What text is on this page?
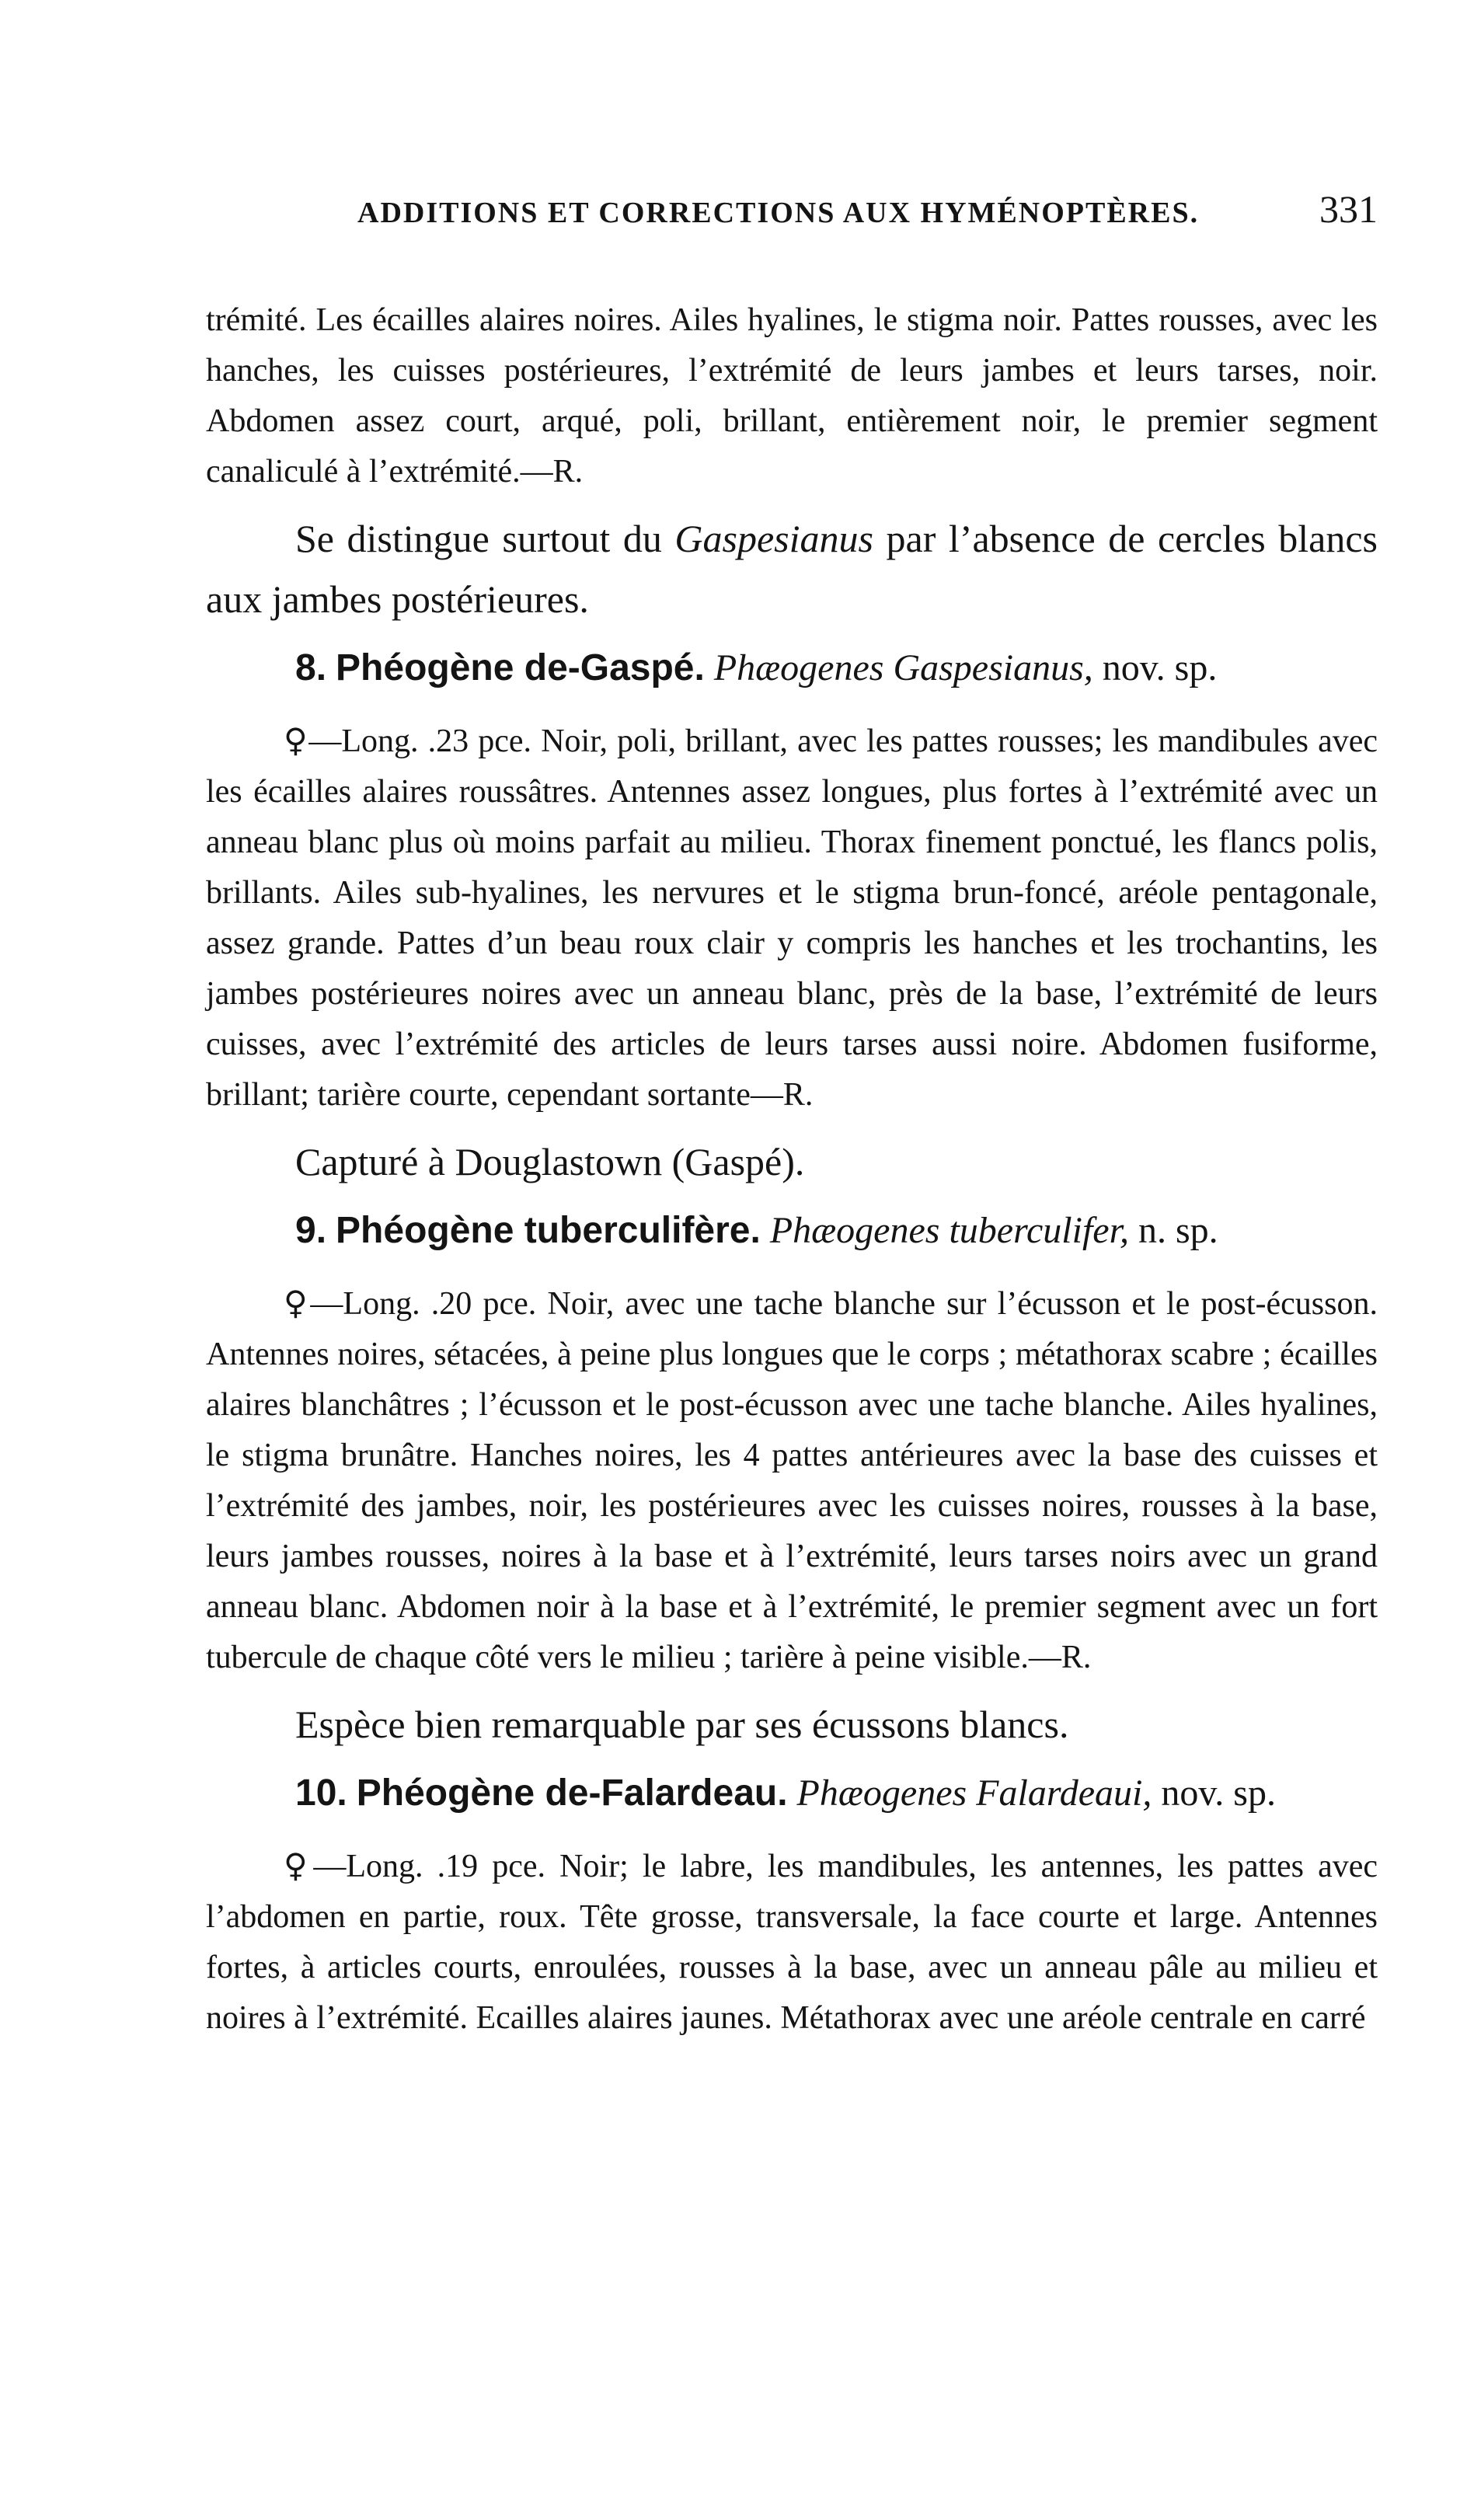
ADDITIONS ET CORRECTIONS AUX HYMÉNOPTÈRES.	331

trémité. Les écailles alaires noires. Ailes hyalines, le stigma noir. Pattes rousses, avec les hanches, les cuisses postérieures, l’extrémité de leurs jambes et leurs tarses, noir. Abdomen assez court, arqué, poli, brillant, entièrement noir, le premier segment canaliculé à l’extrémité.—R.

Se distingue surtout du Gaspesianus par l’absence de cercles blancs aux jambes postérieures.

8. Phéogène de-Gaspé. Phæogenes Gaspesianus, nov. sp.

♀—Long. .23 pce. Noir, poli, brillant, avec les pattes rousses; les mandibules avec les écailles alaires roussâtres. Antennes assez longues, plus fortes à l’extrémité avec un anneau blanc plus où moins parfait au milieu. Thorax finement ponctué, les flancs polis, brillants. Ailes sub-hyalines, les nervures et le stigma brun-foncé, aréole pentagonale, assez grande. Pattes d’un beau roux clair y compris les hanches et les trochantins, les jambes postérieures noires avec un anneau blanc, près de la base, l’extrémité de leurs cuisses, avec l’extrémité des articles de leurs tarses aussi noire. Abdomen fusiforme, brillant; tarière courte, cependant sortante—R.

Capturé à Douglastown (Gaspé).

9. Phéogène tuberculifère. Phæogenes tuberculifer, n. sp.

♀—Long. .20 pce. Noir, avec une tache blanche sur l’écusson et le post-écusson. Antennes noires, sétacées, à peine plus longues que le corps ; métathorax scabre ; écailles alaires blanchâtres ; l’écusson et le post-écusson avec une tache blanche. Ailes hyalines, le stigma brunâtre. Hanches noires, les 4 pattes antérieures avec la base des cuisses et l’extrémité des jambes, noir, les postérieures avec les cuisses noires, rousses à la base, leurs jambes rousses, noires à la base et à l’extrémité, leurs tarses noirs avec un grand anneau blanc. Abdomen noir à la base et à l’extrémité, le premier segment avec un fort tubercule de chaque côté vers le milieu ; tarière à peine visible.—R.

Espèce bien remarquable par ses écussons blancs.

10. Phéogène de-Falardeau. Phæogenes Falardeaui, nov. sp.

♀—Long. .19 pce. Noir; le labre, les mandibules, les antennes, les pattes avec l’abdomen en partie, roux. Tête grosse, transversale, la face courte et large. Antennes fortes, à articles courts, enroulées, rousses à la base, avec un anneau pâle au milieu et noires à l’extrémité. Ecailles alaires jaunes. Métathorax avec une aréole centrale en carré
